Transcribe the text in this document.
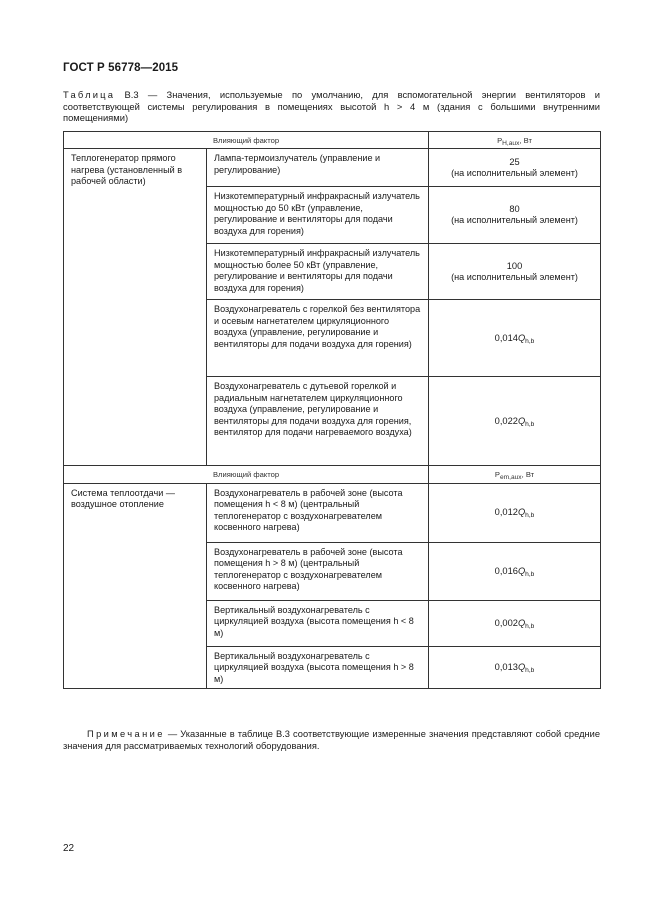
ГОСТ Р 56778—2015
Таблица В.3 — Значения, используемые по умолчанию, для вспомогательной энергии вентиляторов и соответствующей системы регулирования в помещениях высотой h > 4 м (здания с большими внутренними помещениями)
Влияющий фактор		$P_{H,aux}$, Вт
Теплогенератор прямого нагрева (установленный в рабочей области)	Лампа-термоизлучатель (управление и регулирование)	25
(на исполнительный элемент)

	Низкотемпературный инфракрасный излучатель мощностью до 50 кВт (управление, регулирование и вентиляторы для подачи воздуха для горения)	80
(на исполнительный элемент)

	Низкотемпературный инфракрасный излучатель мощностью более 50 кВт (управление, регулирование и вентиляторы для подачи воздуха для горения)	100
(на исполнительный элемент)

	Воздухонагреватель с горелкой без вентилятора и осевым нагнетателем циркуляционного воздуха (управление, регулирование и вентиляторы для подачи воздуха для горения)	$0,014Q_{h,b}$
	Воздухонагреватель с дутьевой горелкой и радиальным нагнетателем циркуляционного воздуха (управление, регулирование и вентиляторы для подачи воздуха для горения, вентилятор для подачи нагреваемого воздуха)	$0,022Q_{h,b}$
Влияющий фактор		$P_{em,aux}$, Вт
Система теплоотдачи — воздушное отопление	Воздухонагреватель в рабочей зоне (высота помещения h < 8 м) (центральный теплогенератор с воздухонагревателем косвенного нагрева)	$0,012Q_{h,b}$
	Воздухонагреватель в рабочей зоне (высота помещения h > 8 м) (центральный теплогенератор с воздухонагревателем косвенного нагрева)	$0,016Q_{h,b}$
	Вертикальный воздухонагреватель с циркуляцией воздуха (высота помещения h < 8 м)	$0,002Q_{h,b}$
	Вертикальный воздухонагреватель с циркуляцией воздуха (высота помещения h > 8 м)	$0,013Q_{h,b}$
Примечание — Указанные в таблице В.3 соответствующие измеренные значения представляют собой средние значения для рассматриваемых технологий оборудования.
22
